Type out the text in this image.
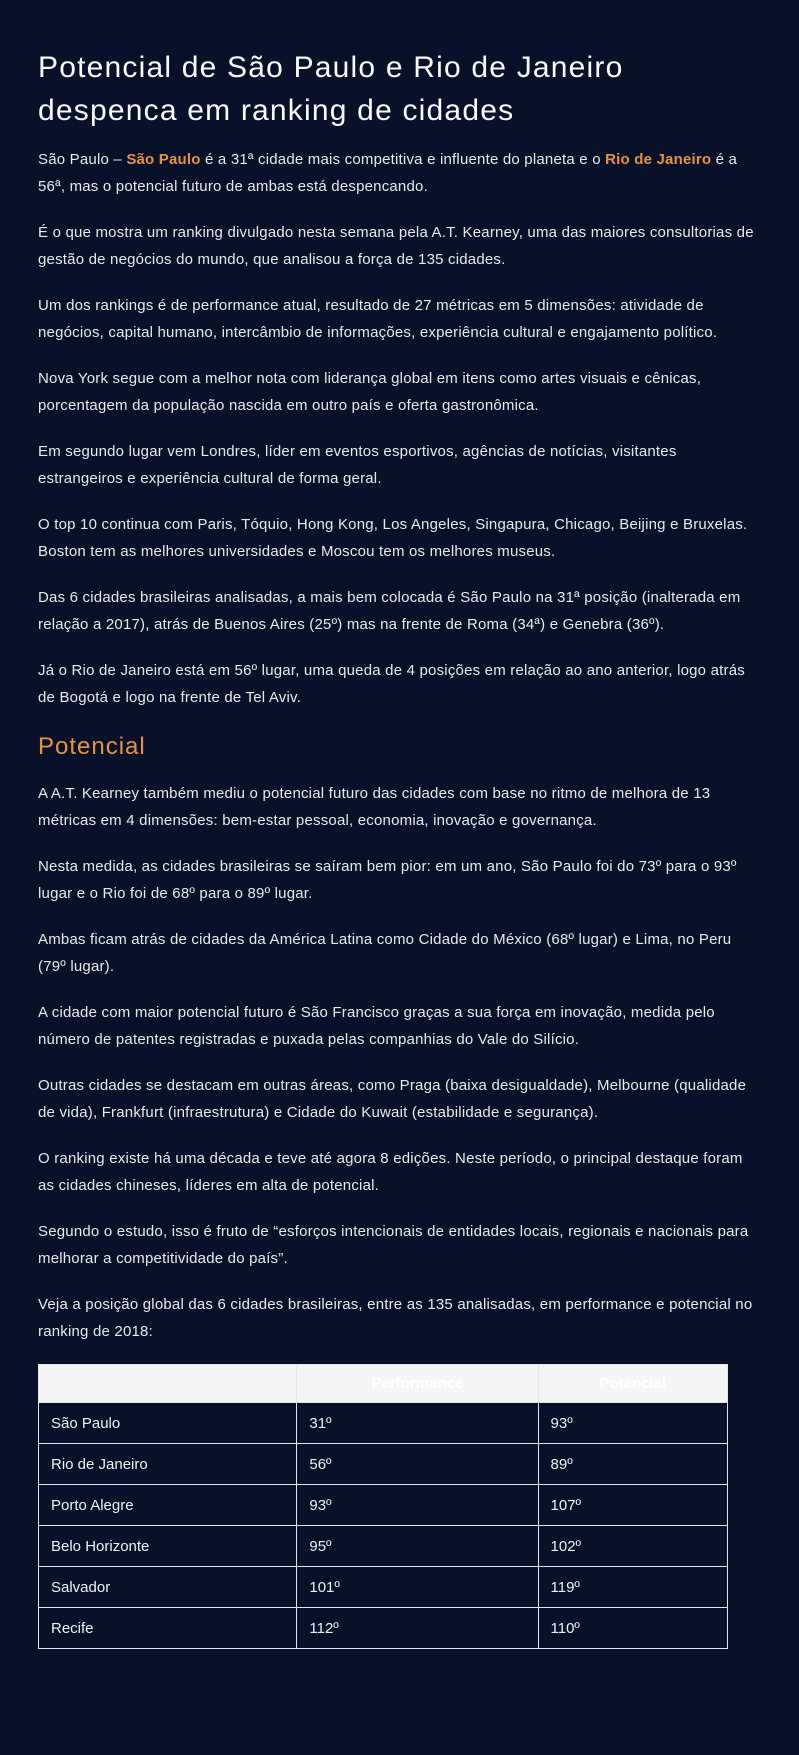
Potencial de São Paulo e Rio de Janeiro despenca em ranking de cidades

São Paulo – São Paulo é a 31ª cidade mais competitiva e influente do planeta e o Rio de Janeiro é a 56ª, mas o potencial futuro de ambas está despencando.

É o que mostra um ranking divulgado nesta semana pela A.T. Kearney, uma das maiores consultorias de gestão de negócios do mundo, que analisou a força de 135 cidades.

Um dos rankings é de performance atual, resultado de 27 métricas em 5 dimensões: atividade de negócios, capital humano, intercâmbio de informações, experiência cultural e engajamento político.

Nova York segue com a melhor nota com liderança global em itens como artes visuais e cênicas, porcentagem da população nascida em outro país e oferta gastronômica.

Em segundo lugar vem Londres, líder em eventos esportivos, agências de notícias, visitantes estrangeiros e experiência cultural de forma geral.

O top 10 continua com Paris, Tóquio, Hong Kong, Los Angeles, Singapura, Chicago, Beijing e Bruxelas. Boston tem as melhores universidades e Moscou tem os melhores museus.

Das 6 cidades brasileiras analisadas, a mais bem colocada é São Paulo na 31ª posição (inalterada em relação a 2017), atrás de Buenos Aires (25º) mas na frente de Roma (34ª) e Genebra (36º).

Já o Rio de Janeiro está em 56º lugar, uma queda de 4 posições em relação ao ano anterior, logo atrás de Bogotá e logo na frente de Tel Aviv.

Potencial

A A.T. Kearney também mediu o potencial futuro das cidades com base no ritmo de melhora de 13 métricas em 4 dimensões: bem-estar pessoal, economia, inovação e governança.

Nesta medida, as cidades brasileiras se saíram bem pior: em um ano, São Paulo foi do 73º para o 93º lugar e o Rio foi de 68º para o 89º lugar.

Ambas ficam atrás de cidades da América Latina como Cidade do México (68º lugar) e Lima, no Peru (79º lugar).

A cidade com maior potencial futuro é São Francisco graças a sua força em inovação, medida pelo número de patentes registradas e puxada pelas companhias do Vale do Silício.

Outras cidades se destacam em outras áreas, como Praga (baixa desigualdade), Melbourne (qualidade de vida), Frankfurt (infraestrutura) e Cidade do Kuwait (estabilidade e segurança).

O ranking existe há uma década e teve até agora 8 edições. Neste período, o principal destaque foram as cidades chineses, líderes em alta de potencial.

Segundo o estudo, isso é fruto de “esforços intencionais de entidades locais, regionais e nacionais para melhorar a competitividade do país”.

Veja a posição global das 6 cidades brasileiras, entre as 135 analisadas, em performance e potencial no ranking de 2018:

	Performance	Potencial
São Paulo	31º	93º
Rio de Janeiro	56º	89º
Porto Alegre	93º	107º
Belo Horizonte	95º	102º
Salvador	101º	119º
Recife	112º	110º
